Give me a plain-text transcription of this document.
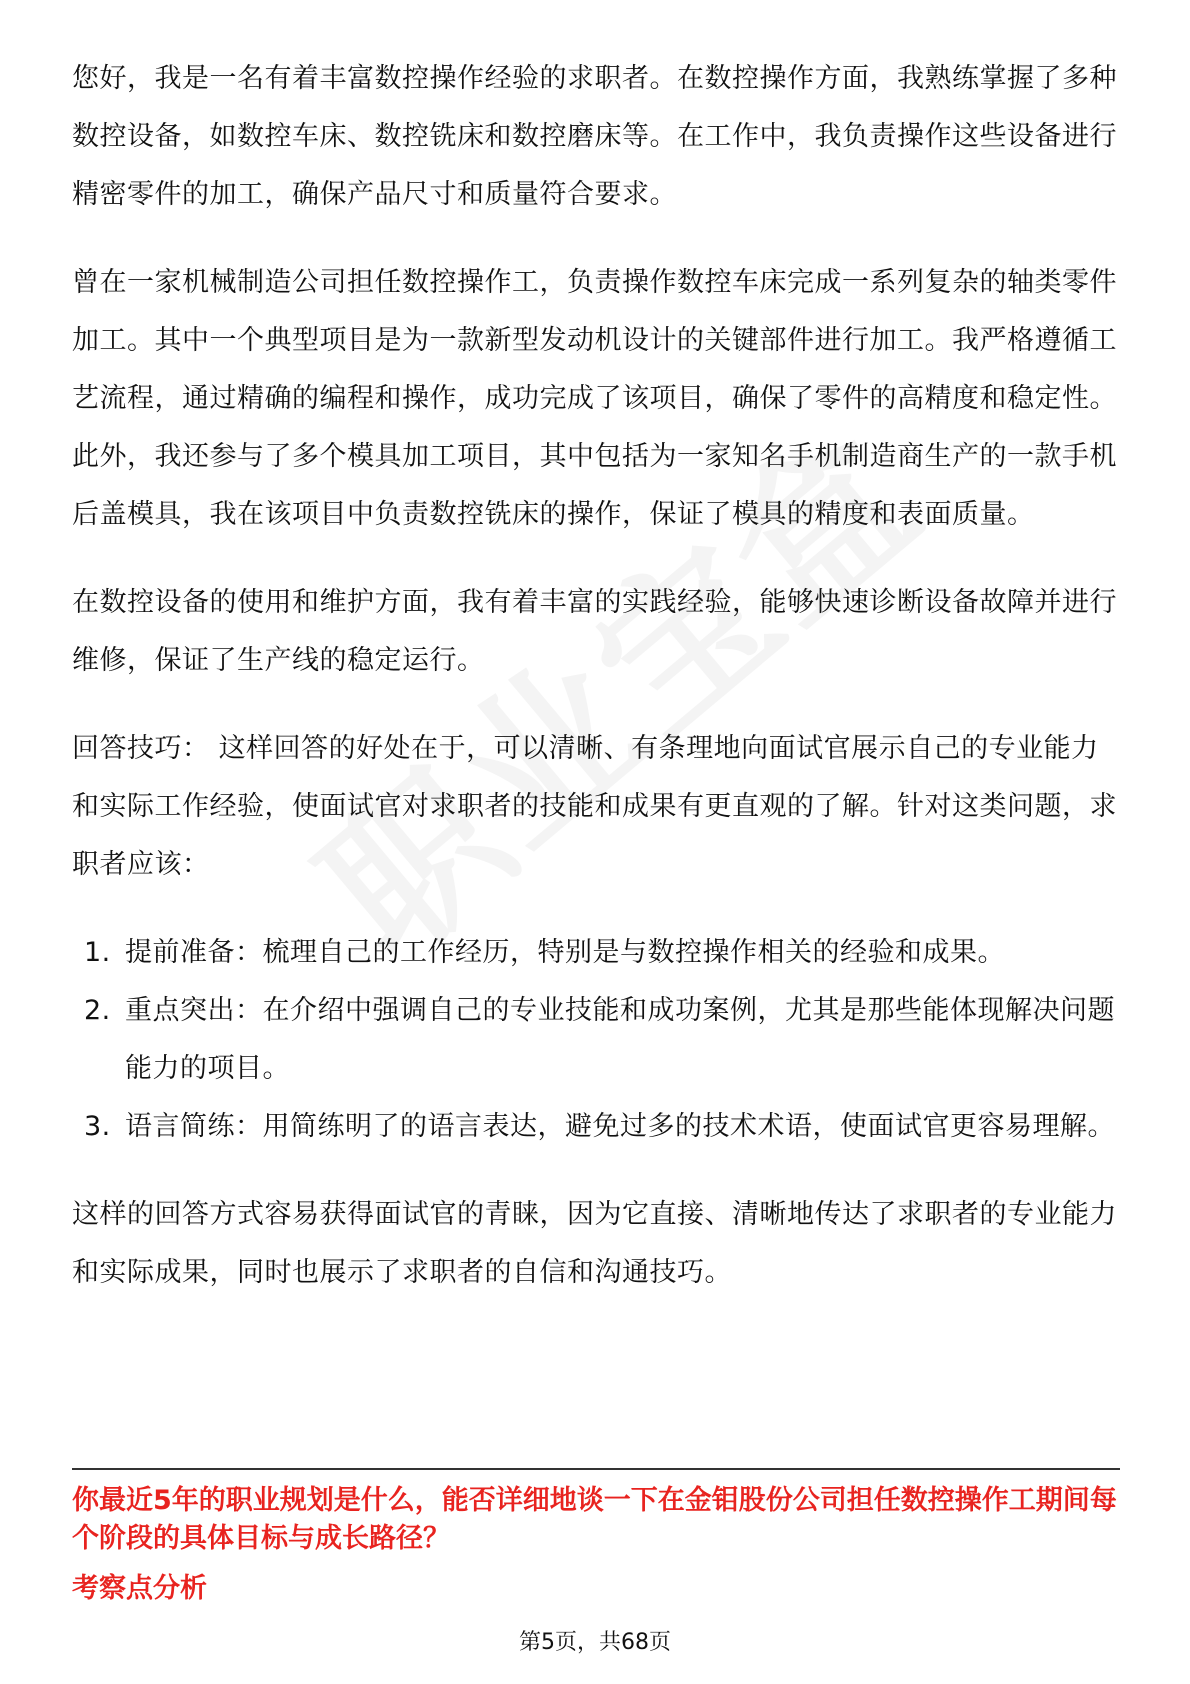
您好，我是一名有着丰富数控操作经验的求职者。在数控操作方面，我熟练掌握了多种数控设备，如数控车床、数控铣床和数控磨床等。在工作中，我负责操作这些设备进行精密零件的加工，确保产品尺寸和质量符合要求。

曾在一家机械制造公司担任数控操作工，负责操作数控车床完成一系列复杂的轴类零件加工。其中一个典型项目是为一款新型发动机设计的关键部件进行加工。我严格遵循工艺流程，通过精确的编程和操作，成功完成了该项目，确保了零件的高精度和稳定性。此外，我还参与了多个模具加工项目，其中包括为一家知名手机制造商生产的一款手机后盖模具，我在该项目中负责数控铣床的操作，保证了模具的精度和表面质量。

在数控设备的使用和维护方面，我有着丰富的实践经验，能够快速诊断设备故障并进行维修，保证了生产线的稳定运行。

回答技巧： 这样回答的好处在于，可以清晰、有条理地向面试官展示自己的专业能力和实际工作经验，使面试官对求职者的技能和成果有更直观的了解。针对这类问题，求职者应该：

1. 提前准备：梳理自己的工作经历，特别是与数控操作相关的经验和成果。
2. 重点突出：在介绍中强调自己的专业技能和成功案例，尤其是那些能体现解决问题能力的项目。
3. 语言简练：用简练明了的语言表达，避免过多的技术术语，使面试官更容易理解。

这样的回答方式容易获得面试官的青睐，因为它直接、清晰地传达了求职者的专业能力和实际成果，同时也展示了求职者的自信和沟通技巧。

你最近5年的职业规划是什么，能否详细地谈一下在金钼股份公司担任数控操作工期间每个阶段的具体目标与成长路径？

考察点分析

第5页，共68页
